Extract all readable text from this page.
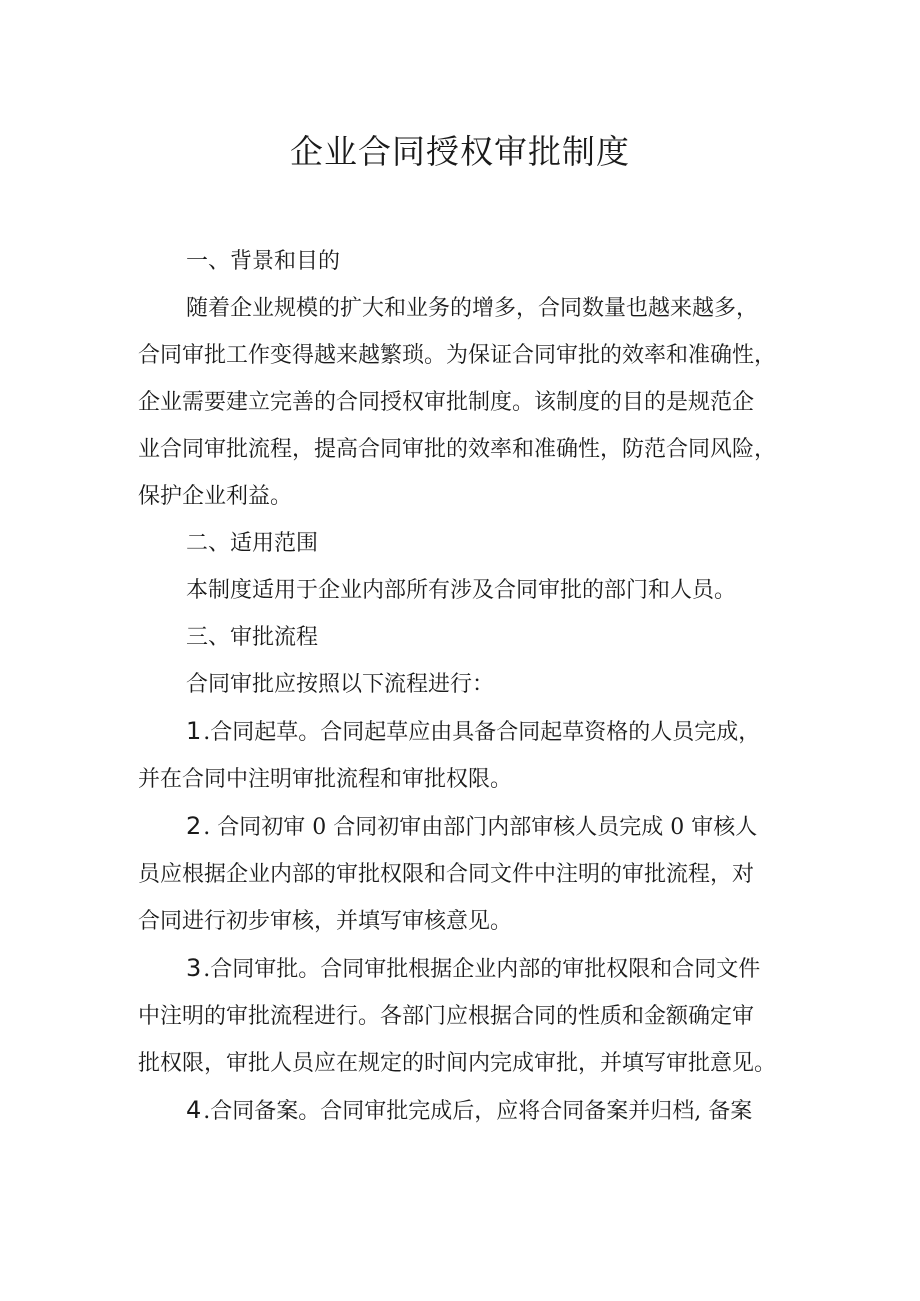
企业合同授权审批制度

一、背景和目的

随着企业规模的扩大和业务的增多，合同数量也越来越多，

合同审批工作变得越来越繁琐。为保证合同审批的效率和准确性，

企业需要建立完善的合同授权审批制度。该制度的目的是规范企

业合同审批流程，提高合同审批的效率和准确性，防范合同风险，

保护企业利益。

二、适用范围

本制度适用于企业内部所有涉及合同审批的部门和人员。

三、审批流程

合同审批应按照以下流程进行：

1.合同起草。合同起草应由具备合同起草资格的人员完成，

并在合同中注明审批流程和审批权限。

2. 合同初审 0 合同初审由部门内部审核人员完成 0 审核人

员应根据企业内部的审批权限和合同文件中注明的审批流程，对

合同进行初步审核，并填写审核意见。

3.合同审批。合同审批根据企业内部的审批权限和合同文件

中注明的审批流程进行。各部门应根据合同的性质和金额确定审

批权限，审批人员应在规定的时间内完成审批，并填写审批意见。

4.合同备案。合同审批完成后，应将合同备案并归档, 备案
